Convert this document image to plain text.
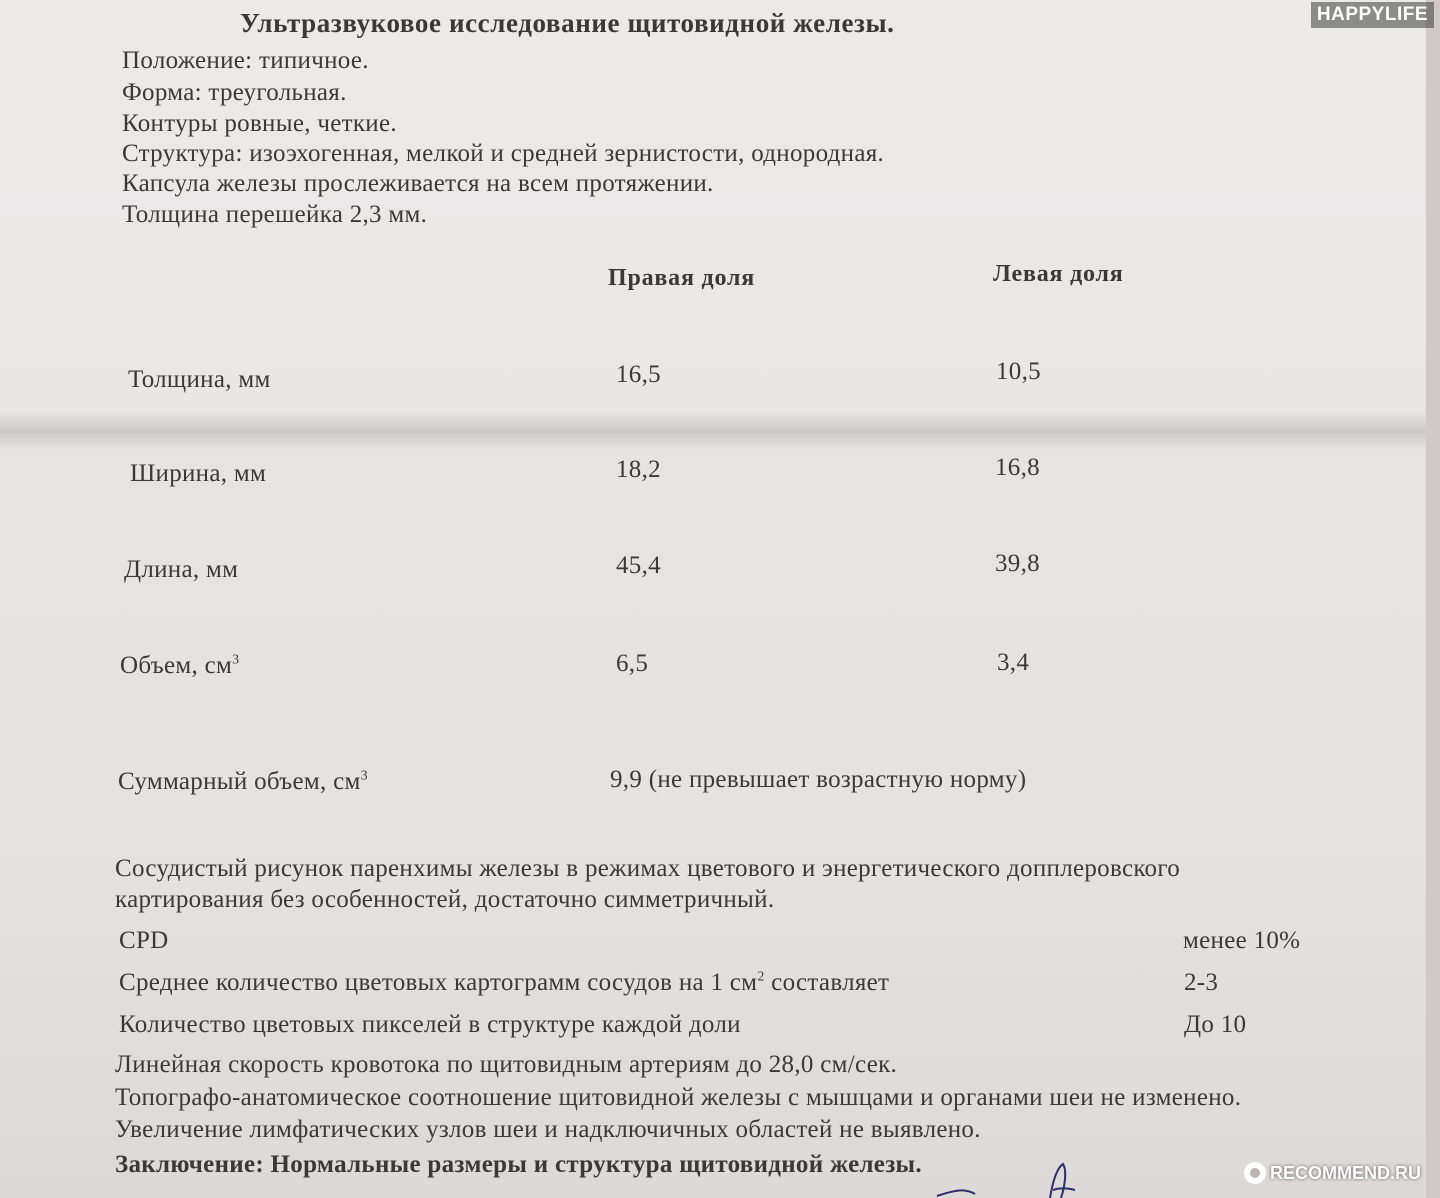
HAPPYLIFE
Ультразвуковое исследование щитовидной железы.
Положение: типичное.
Форма: треугольная.
Контуры ровные, четкие.
Структура: изоэхогенная, мелкой и средней зернистости, однородная.
Капсула железы прослеживается на всем протяжении.
Толщина перешейка 2,3 мм.
Правая доля	Левая доля
Толщина, мм	16,5	10,5
Ширина, мм	18,2	16,8
Длина, мм	45,4	39,8
Объем, $см^3$	6,5	3,4
Суммарный объем, $см^3$	9,9 (не превышает возрастную норму)
Сосудистый рисунок паренхимы железы в режимах цветового и энергетического допплеровского
картирования без особенностей, достаточно симметричный.
CPD	менее 10%
Среднее количество цветовых картограмм сосудов на 1 $см^2$ составляет	2-3
Количество цветовых пикселей в структуре каждой доли	До 10
Линейная скорость кровотока по щитовидным артериям до 28,0 см/сек.
Топографо-анатомическое соотношение щитовидной железы с мышцами и органами шеи не изменено.
Увеличение лимфатических узлов шеи и надключичных областей не выявлено.
Заключение: Нормальные размеры и структура щитовидной железы.	RECOMMEND.RU
